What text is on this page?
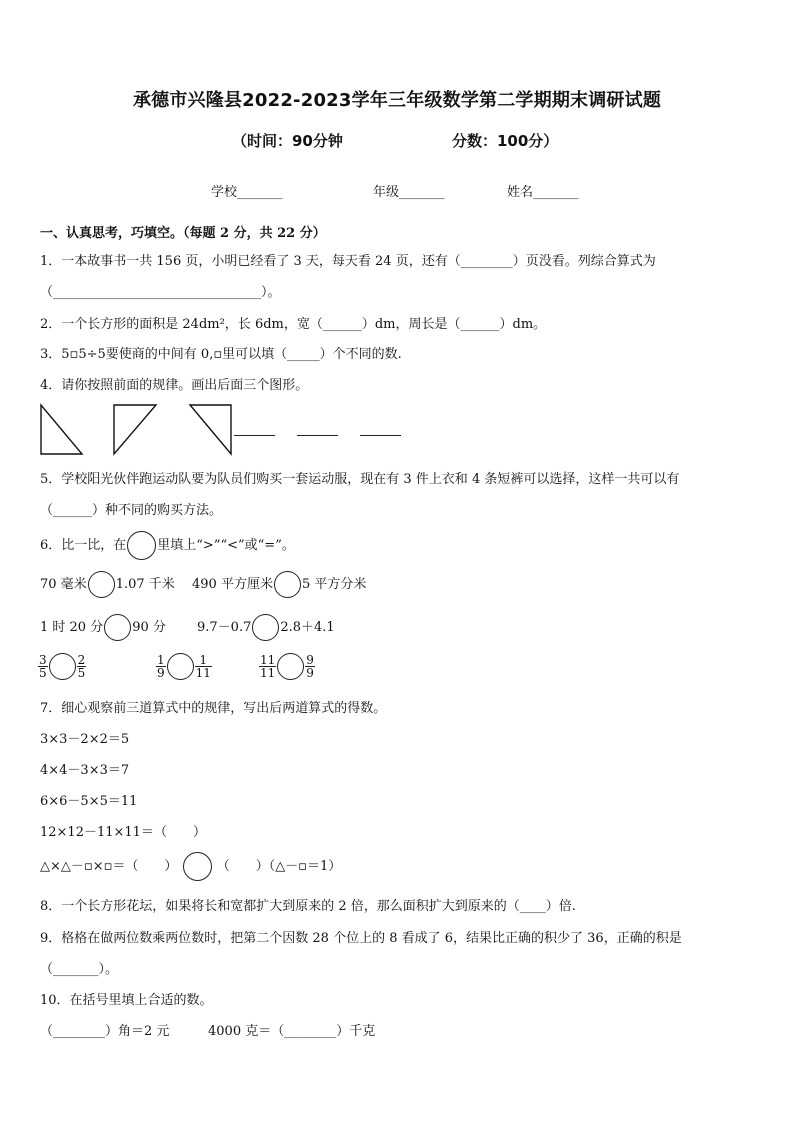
承德市兴隆县2022-2023学年三年级数学第二学期期末调研试题
（时间：90分钟	分数：100分）
学校_______	年级_______	姓名_______
一、认真思考，巧填空。（每题 2 分，共 22 分）
1．一本故事书一共 156 页，小明已经看了 3 天，每天看 24 页，还有（________）页没看。列综合算式为
（________________________________）。
2．一个长方形的面积是 24dm²，长 6dm，宽（______）dm，周长是（______）dm。
3．5▫5÷5要使商的中间有 0,▫里可以填（_____）个不同的数.
4．请你按照前面的规律。画出后面三个图形。
5．学校阳光伙伴跑运动队要为队员们购买一套运动服，现在有 3 件上衣和 4 条短裤可以选择，这样一共可以有
（______）种不同的购买方法。
6．比一比，在 里填上“>”“<”或“=”。
70 毫米 1.07 千米 490 平方厘米 5 平方分米
1 时 20 分 90 分 9.7－0.7 2.8＋4.1
$\frac{3}{5} \frac{2}{5}$	$\frac{1}{9} \frac{1}{11}$	$\frac{11}{11} \frac{9}{9}$
7．细心观察前三道算式中的规律，写出后两道算式的得数。
3×3－2×2＝5
4×4－3×3＝7
6×6－5×5＝11
12×12－11×11＝（　　）
△×△－▫×▫＝（　　）	（　　）（△－▫＝1）
8．一个长方形花坛，如果将长和宽都扩大到原来的 2 倍，那么面积扩大到原来的（____）倍.
9．格格在做两位数乘两位数时，把第二个因数 28 个位上的 8 看成了 6，结果比正确的积少了 36，正确的积是
（_______）。
10．在括号里填上合适的数。
（________）角＝2 元	4000 克＝（________）千克
